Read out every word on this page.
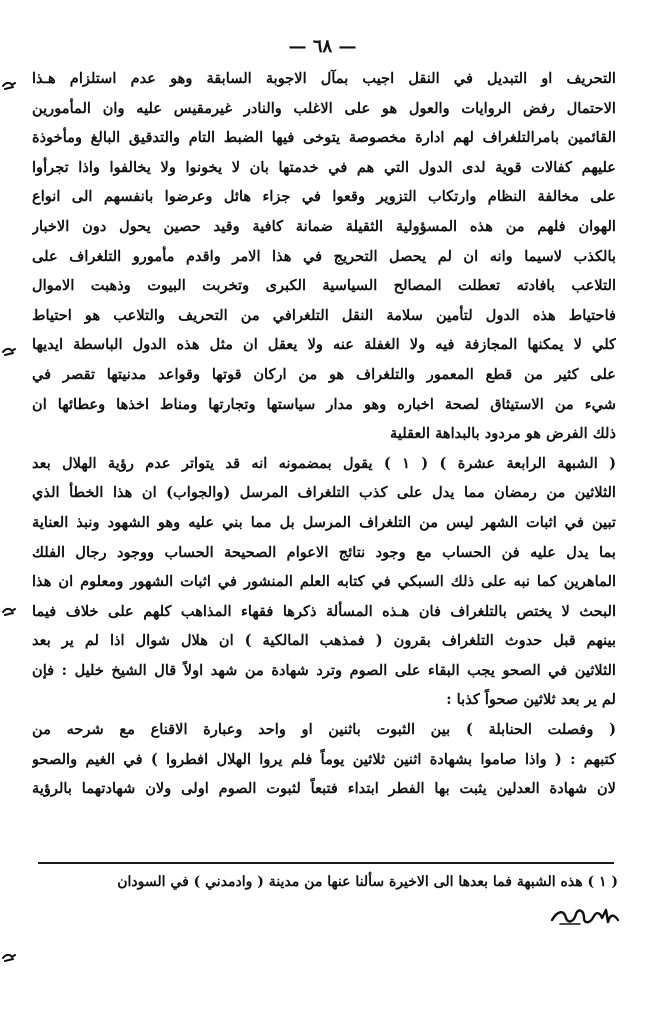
— ٦٨ —
التحريف او التبديل في النقل اجيب بمآل الاجوبة السابقة وهو عدم استلزام هـذا
الاحتمال رفض الروايات والعول هو على الاغلب والنادر غيرمقيس عليه وان المأمورين
القائمين بامرالتلغراف لهم ادارة مخصوصة يتوخى فيها الضبط التام والتدقيق البالغ ومأخوذة
عليهم كفالات قوية لدى الدول التي هم في خدمتها بان لا يخونوا ولا يخالفوا واذا تجرأوا
على مخالفة النظام وارتكاب التزوير وقعوا في جزاء هائل وعرضوا بانفسهم الى انواع
الهوان فلهم من هذه المسؤولية الثقيلة ضمانة كافية وقيد حصين يحول دون الاخبار
بالكذب لاسيما وانه ان لم يحصل التحريج في هذا الامر واقدم مأمورو التلغراف على
التلاعب بافادته تعطلت المصالح السياسية الكبرى وتخربت البيوت وذهبت الاموال
فاحتياط هذه الدول لتأمين سلامة النقل التلغرافي من التحريف والتلاعب هو احتياط
كلي لا يمكنها المجازفة فيه ولا الغفلة عنه ولا يعقل ان مثل هذه الدول الباسطة ايديها
على كثير من قطع المعمور والتلغراف هو من اركان قوتها وقواعد مدنيتها تقصر في
شيء من الاستيثاق لصحة اخباره وهو مدار سياستها وتجارتها ومناط اخذها وعطائها ان
ذلك الفرض هو مردود بالبداهة العقلية
( الشبهة الرابعة عشرة ) ( ١ ) يقول بمضمونه انه قد يتواتر عدم رؤية الهلال بعد
الثلاثين من رمضان مما يدل على كذب التلغراف المرسل (والجواب) ان هذا الخطأ الذي
تبين في اثبات الشهر ليس من التلغراف المرسل بل مما بني عليه وهو الشهود ونبذ العناية
بما يدل عليه فن الحساب مع وجود نتائج الاعوام الصحيحة الحساب ووجود رجال الفلك
الماهرين كما نبه على ذلك السبكي في كتابه العلم المنشور في اثبات الشهور ومعلوم ان هذا
البحث لا يختص بالتلغراف فان هـذه المسألة ذكرها فقهاء المذاهب كلهم على خلاف فيما
بينهم قبل حدوث التلغراف بقرون ( فمذهب المالكية ) ان هلال شوال اذا لم ير بعد
الثلاثين في الصحو يجب البقاء على الصوم وترد شهادة من شهد اولاً قال الشيخ خليل : فإن
لم ير بعد ثلاثين صحواً كذبا :
( وفصلت الحنابلة ) بين الثبوت باثنين او واحد وعبارة الاقناع مع شرحه من
كتبهم : ( واذا صاموا بشهادة اثنين ثلاثين يوماً فلم يروا الهلال افطروا ) في الغيم والصحو
لان شهادة العدلين يثبت بها الفطر ابتداء فتبعاً لثبوت الصوم اولى ولان شهادتهما بالرؤية
( ١ ) هذه الشبهة فما بعدها الى الاخيرة سألنا عنها من مدينة ( وادمدني ) في السودان
